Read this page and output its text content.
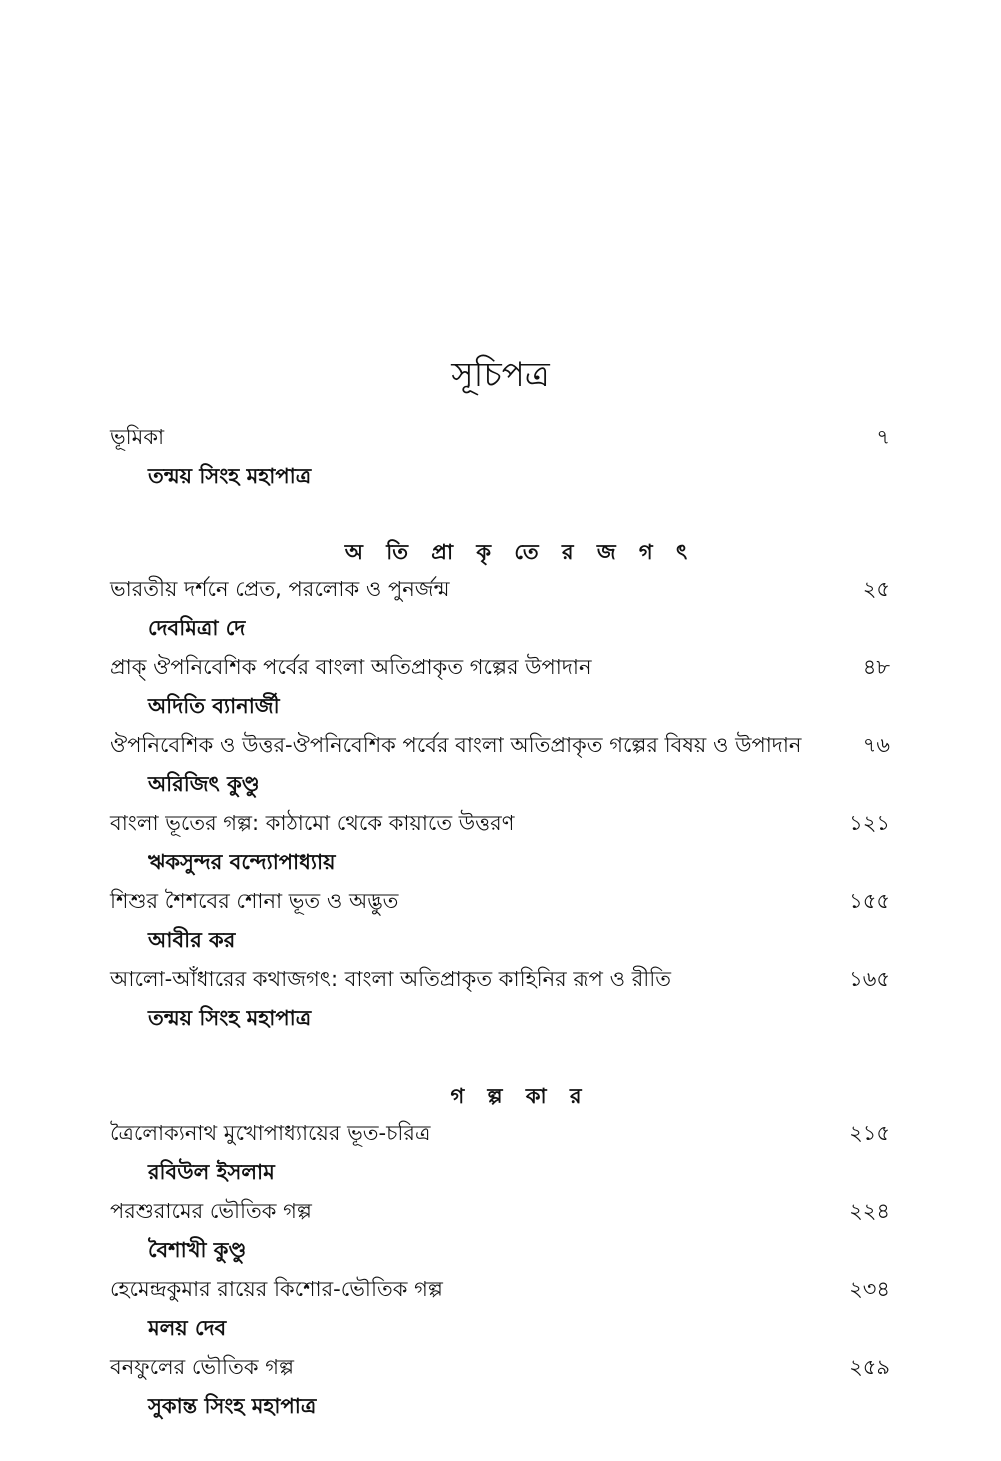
সূচিপত্র
ভূমিকা	৭
তন্ময় সিংহ মহাপাত্র
অ তি প্রা কৃ তে র জ গ ৎ
ভারতীয় দর্শনে প্রেত, পরলোক ও পুনর্জন্ম	২৫
দেবমিত্রা দে
প্রাক্ ঔপনিবেশিক পর্বের বাংলা অতিপ্রাকৃত গল্পের উপাদান	৪৮
অদিতি ব্যানার্জী
ঔপনিবেশিক ও উত্তর-ঔপনিবেশিক পর্বের বাংলা অতিপ্রাকৃত গল্পের বিষয় ও উপাদান	৭৬
অরিজিৎ কুণ্ডু
বাংলা ভূতের গল্প: কাঠামো থেকে কায়াতে উত্তরণ	১২১
ঋকসুন্দর বন্দ্যোপাধ্যায়
শিশুর শৈশবের শোনা ভূত ও অদ্ভুত	১৫৫
আবীর কর
আলো-আঁধারের কথাজগৎ: বাংলা অতিপ্রাকৃত কাহিনির রূপ ও রীতি	১৬৫
তন্ময় সিংহ মহাপাত্র
গ ল্প কা র
ত্রৈলোক্যনাথ মুখোপাধ্যায়ের ভূত-চরিত্র	২১৫
রবিউল ইসলাম
পরশুরামের ভৌতিক গল্প	২২৪
বৈশাখী কুণ্ডু
হেমেন্দ্রকুমার রায়ের কিশোর-ভৌতিক গল্প	২৩৪
মলয় দেব
বনফুলের ভৌতিক গল্প	২৫৯
সুকান্ত সিংহ মহাপাত্র
